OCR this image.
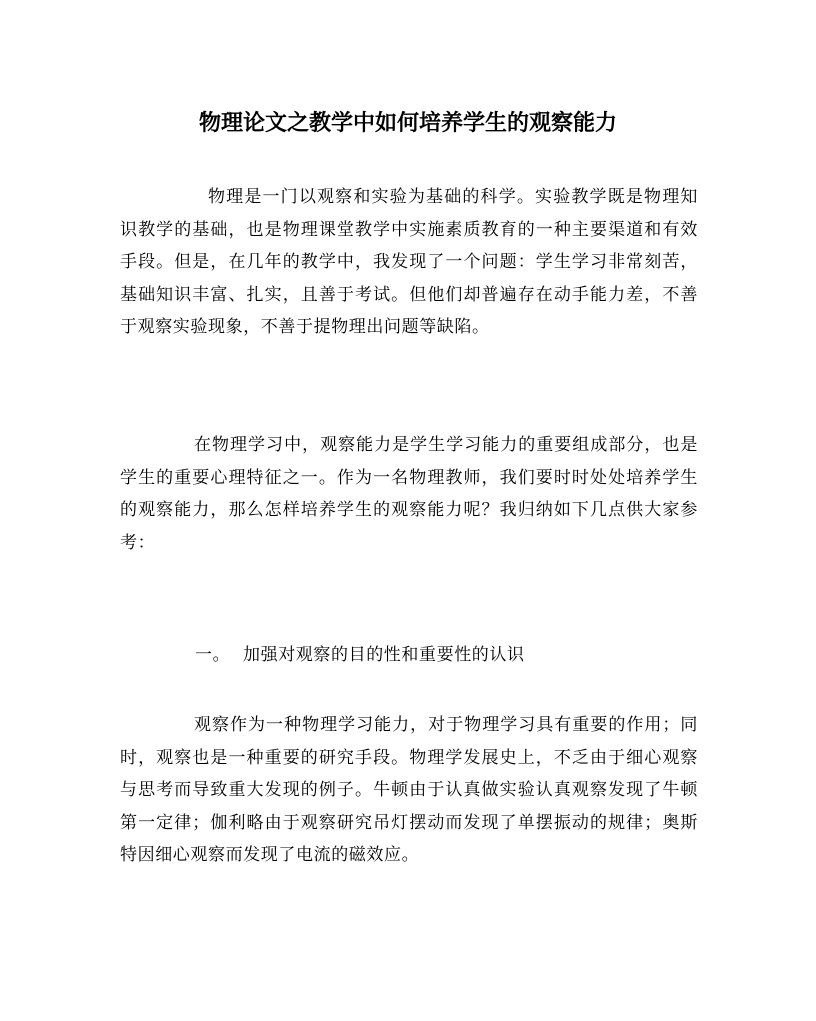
物理论文之教学中如何培养学生的观察能力

物理是一门以观察和实验为基础的科学。实验教学既是物理知识教学的基础，也是物理课堂教学中实施素质教育的一种主要渠道和有效手段。但是，在几年的教学中，我发现了一个问题：学生学习非常刻苦，基础知识丰富、扎实，且善于考试。但他们却普遍存在动手能力差，不善于观察实验现象，不善于提物理出问题等缺陷。

在物理学习中，观察能力是学生学习能力的重要组成部分，也是学生的重要心理特征之一。作为一名物理教师，我们要时时处处培养学生的观察能力，那么怎样培养学生的观察能力呢？我归纳如下几点供大家参考：

一。 加强对观察的目的性和重要性的认识

观察作为一种物理学习能力，对于物理学习具有重要的作用；同时，观察也是一种重要的研究手段。物理学发展史上，不乏由于细心观察与思考而导致重大发现的例子。牛顿由于认真做实验认真观察发现了牛顿第一定律；伽利略由于观察研究吊灯摆动而发现了单摆振动的规律；奥斯特因细心观察而发现了电流的磁效应。
